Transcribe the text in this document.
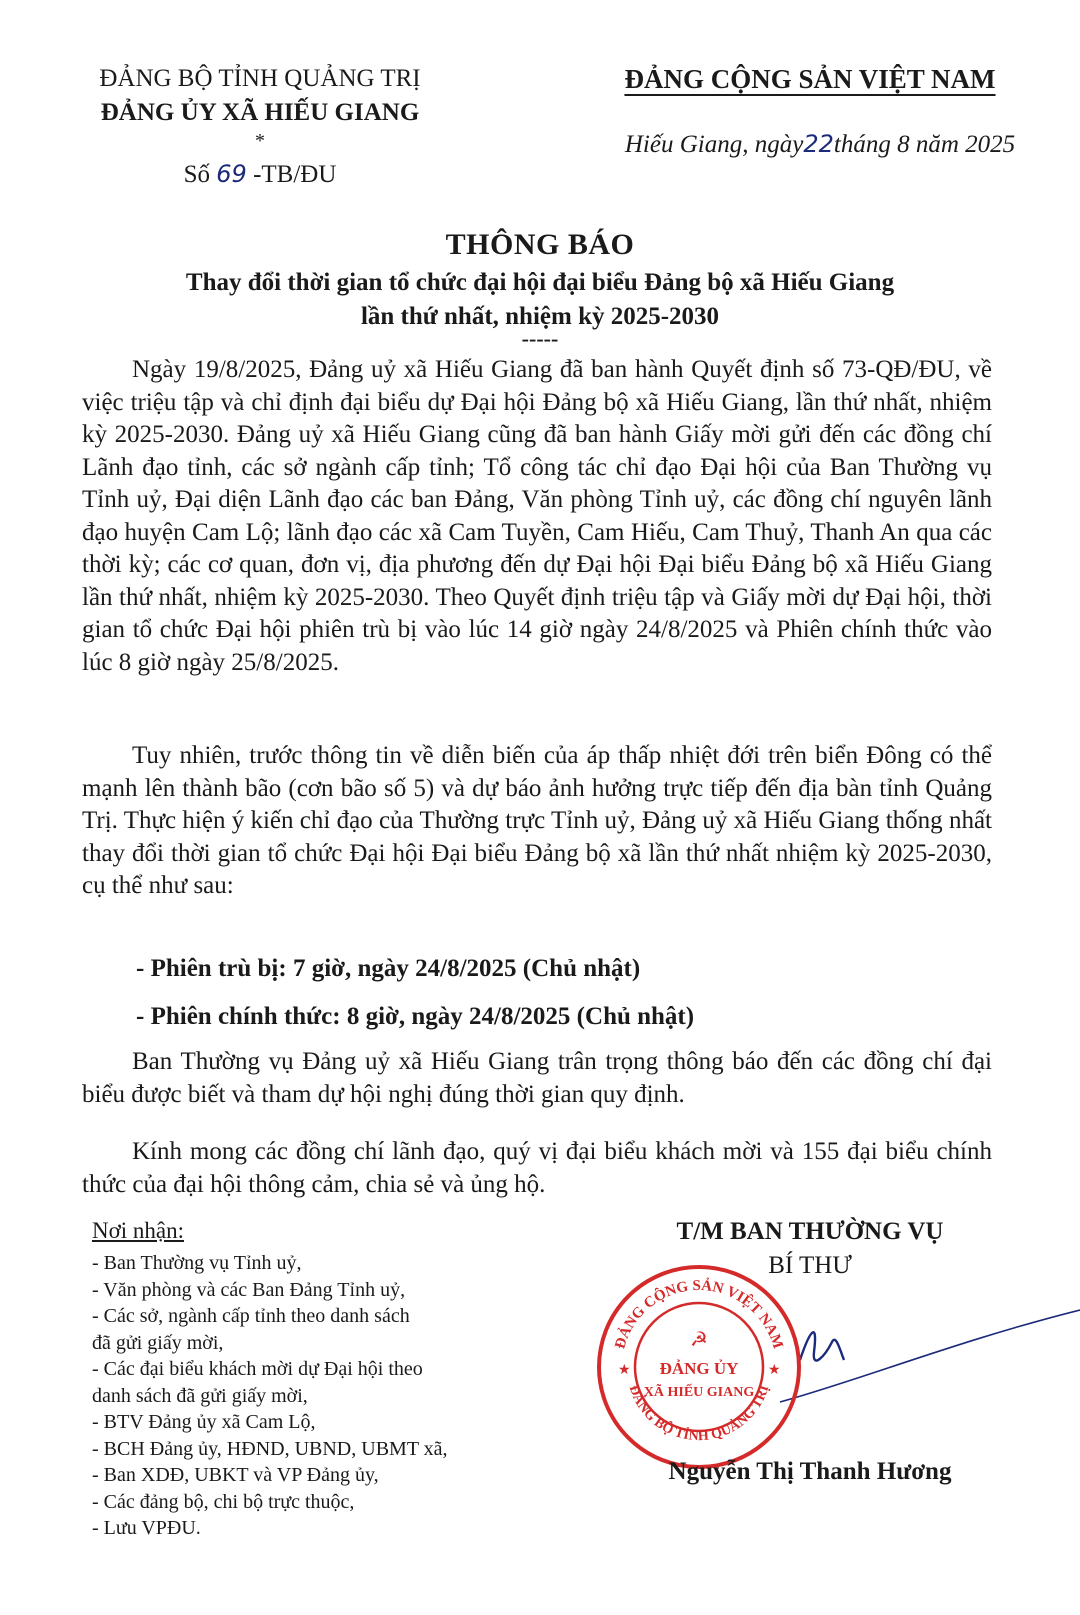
ĐẢNG BỘ TỈNH QUẢNG TRỊ
ĐẢNG ỦY XÃ HIẾU GIANG
*
Số 69 -TB/ĐU
ĐẢNG CỘNG SẢN VIỆT NAM
Hiếu Giang, ngày22tháng 8 năm 2025
THÔNG BÁO
Thay đổi thời gian tổ chức đại hội đại biểu Đảng bộ xã Hiếu Giang
lần thứ nhất, nhiệm kỳ 2025-2030
-----
Ngày 19/8/2025, Đảng uỷ xã Hiếu Giang đã ban hành Quyết định số 73-QĐ/ĐU, về việc triệu tập và chỉ định đại biểu dự Đại hội Đảng bộ xã Hiếu Giang, lần thứ nhất, nhiệm kỳ 2025-2030. Đảng uỷ xã Hiếu Giang cũng đã ban hành Giấy mời gửi đến các đồng chí Lãnh đạo tỉnh, các sở ngành cấp tỉnh; Tổ công tác chỉ đạo Đại hội của Ban Thường vụ Tỉnh uỷ, Đại diện Lãnh đạo các ban Đảng, Văn phòng Tỉnh uỷ, các đồng chí nguyên lãnh đạo huyện Cam Lộ; lãnh đạo các xã Cam Tuyền, Cam Hiếu, Cam Thuỷ, Thanh An qua các thời kỳ; các cơ quan, đơn vị, địa phương đến dự Đại hội Đại biểu Đảng bộ xã Hiếu Giang lần thứ nhất, nhiệm kỳ 2025-2030. Theo Quyết định triệu tập và Giấy mời dự Đại hội, thời gian tổ chức Đại hội phiên trù bị vào lúc 14 giờ ngày 24/8/2025 và Phiên chính thức vào lúc 8 giờ ngày 25/8/2025.
Tuy nhiên, trước thông tin về diễn biến của áp thấp nhiệt đới trên biển Đông có thể mạnh lên thành bão (cơn bão số 5) và dự báo ảnh hưởng trực tiếp đến địa bàn tỉnh Quảng Trị. Thực hiện ý kiến chỉ đạo của Thường trực Tỉnh uỷ, Đảng uỷ xã Hiếu Giang thống nhất thay đổi thời gian tổ chức Đại hội Đại biểu Đảng bộ xã lần thứ nhất nhiệm kỳ 2025-2030, cụ thể như sau:
- Phiên trù bị: 7 giờ, ngày 24/8/2025 (Chủ nhật)
- Phiên chính thức: 8 giờ, ngày 24/8/2025 (Chủ nhật)
Ban Thường vụ Đảng uỷ xã Hiếu Giang trân trọng thông báo đến các đồng chí đại biểu được biết và tham dự hội nghị đúng thời gian quy định.
Kính mong các đồng chí lãnh đạo, quý vị đại biểu khách mời và 155 đại biểu chính thức của đại hội thông cảm, chia sẻ và ủng hộ.
Nơi nhận:
- Ban Thường vụ Tỉnh uỷ,
- Văn phòng và các Ban Đảng Tỉnh uỷ,
- Các sở, ngành cấp tỉnh theo danh sách
đã gửi giấy mời,
- Các đại biểu khách mời dự Đại hội theo
danh sách đã gửi giấy mời,
- BTV Đảng ủy xã Cam Lộ,
- BCH Đảng ủy, HĐND, UBND, UBMT xã,
- Ban XDĐ, UBKT và VP Đảng ủy,
- Các đảng bộ, chi bộ trực thuộc,
- Lưu VPĐU.
T/M BAN THƯỜNG VỤ
BÍ THƯ
ĐẢNG CỘNG SẢN VIỆT NAM
ĐẢNG BỘ TỈNH QUẢNG TRỊ
★	★
☭
ĐẢNG ỦY
XÃ HIẾU GIANG
Nguyễn Thị Thanh Hương
